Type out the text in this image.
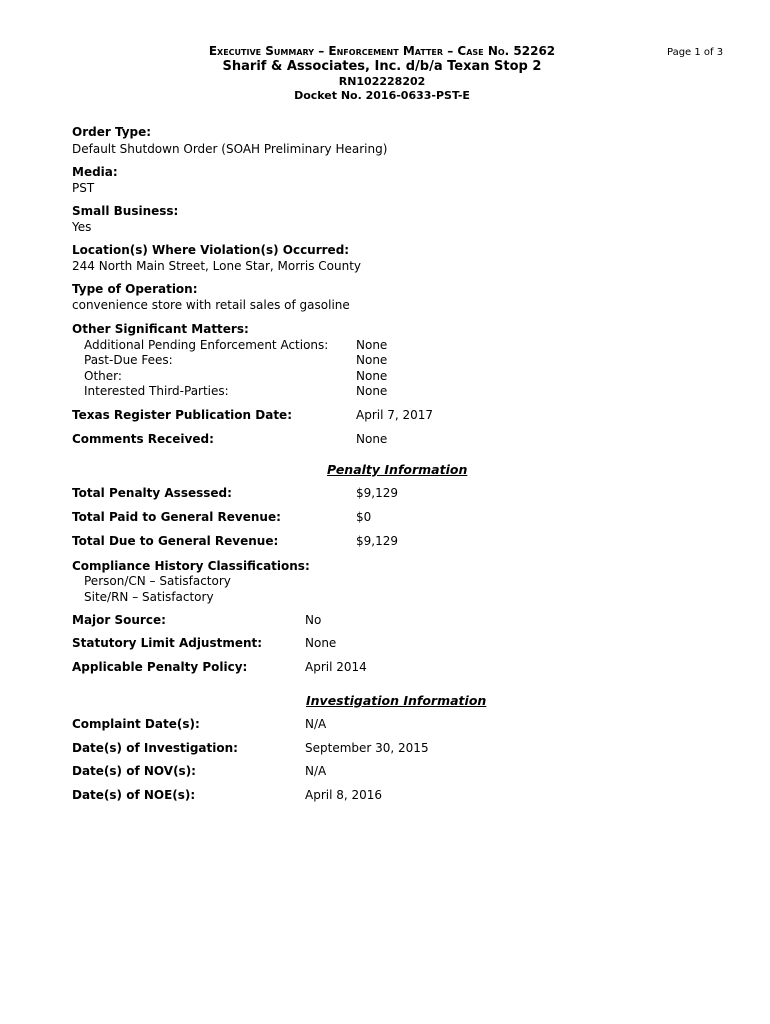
Executive Summary – Enforcement Matter – Case No. 52262
Sharif & Associates, Inc. d/b/a Texan Stop 2
RN102228202
Docket No. 2016-0633-PST-E
Page 1 of 3
Order Type:
Default Shutdown Order (SOAH Preliminary Hearing)
Media:
PST
Small Business:
Yes
Location(s) Where Violation(s) Occurred:
244 North Main Street, Lone Star, Morris County
Type of Operation:
convenience store with retail sales of gasoline
Other Significant Matters:
Additional Pending Enforcement Actions: None
Past-Due Fees:	None
Other:	None
Interested Third-Parties:	None
Texas Register Publication Date:	April 7, 2017
Comments Received:	None
Penalty Information
Total Penalty Assessed:	$9,129
Total Paid to General Revenue:	$0
Total Due to General Revenue:	$9,129
Compliance History Classifications:
Person/CN – Satisfactory
Site/RN – Satisfactory
Major Source:	No
Statutory Limit Adjustment:	None
Applicable Penalty Policy:	April 2014
Investigation Information
Complaint Date(s):	N/A
Date(s) of Investigation:	September 30, 2015
Date(s) of NOV(s):	N/A
Date(s) of NOE(s):	April 8, 2016
